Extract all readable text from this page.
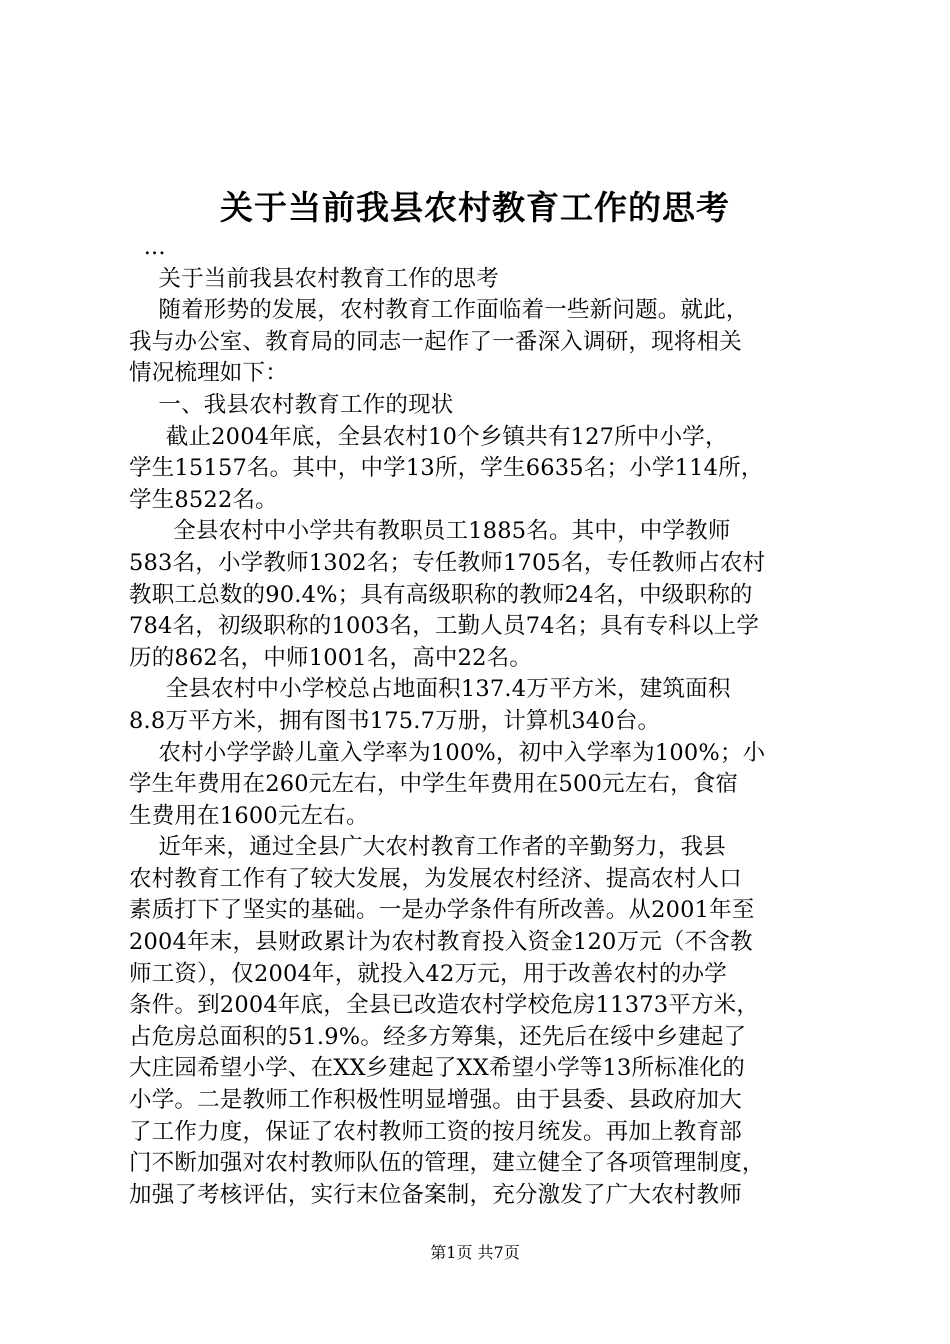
关于当前我县农村教育工作的思考
...
关于当前我县农村教育工作的思考
随着形势的发展，农村教育工作面临着一些新问题。就此，
我与办公室、教育局的同志一起作了一番深入调研，现将相关
情况梳理如下：
一、我县农村教育工作的现状
截止2004年底，全县农村10个乡镇共有127所中小学，
学生15157名。其中，中学13所，学生6635名；小学114所，
学生8522名。
全县农村中小学共有教职员工1885名。其中，中学教师
583名，小学教师1302名；专任教师1705名，专任教师占农村
教职工总数的90.4%；具有高级职称的教师24名，中级职称的
784名，初级职称的1003名，工勤人员74名；具有专科以上学
历的862名，中师1001名，高中22名。
全县农村中小学校总占地面积137.4万平方米，建筑面积
8.8万平方米，拥有图书175.7万册，计算机340台。
农村小学学龄儿童入学率为100%，初中入学率为100%；小
学生年费用在260元左右，中学生年费用在500元左右，食宿
生费用在1600元左右。
近年来，通过全县广大农村教育工作者的辛勤努力，我县
农村教育工作有了较大发展，为发展农村经济、提高农村人口
素质打下了坚实的基础。一是办学条件有所改善。从2001年至
2004年末，县财政累计为农村教育投入资金120万元（不含教
师工资），仅2004年，就投入42万元，用于改善农村的办学
条件。到2004年底，全县已改造农村学校危房11373平方米，
占危房总面积的51.9%。经多方筹集，还先后在绥中乡建起了
大庄园希望小学、在XX乡建起了XX希望小学等13所标准化的
小学。二是教师工作积极性明显增强。由于县委、县政府加大
了工作力度，保证了农村教师工资的按月统发。再加上教育部
门不断加强对农村教师队伍的管理，建立健全了各项管理制度，
加强了考核评估，实行末位备案制，充分激发了广大农村教师
第1页 共7页
